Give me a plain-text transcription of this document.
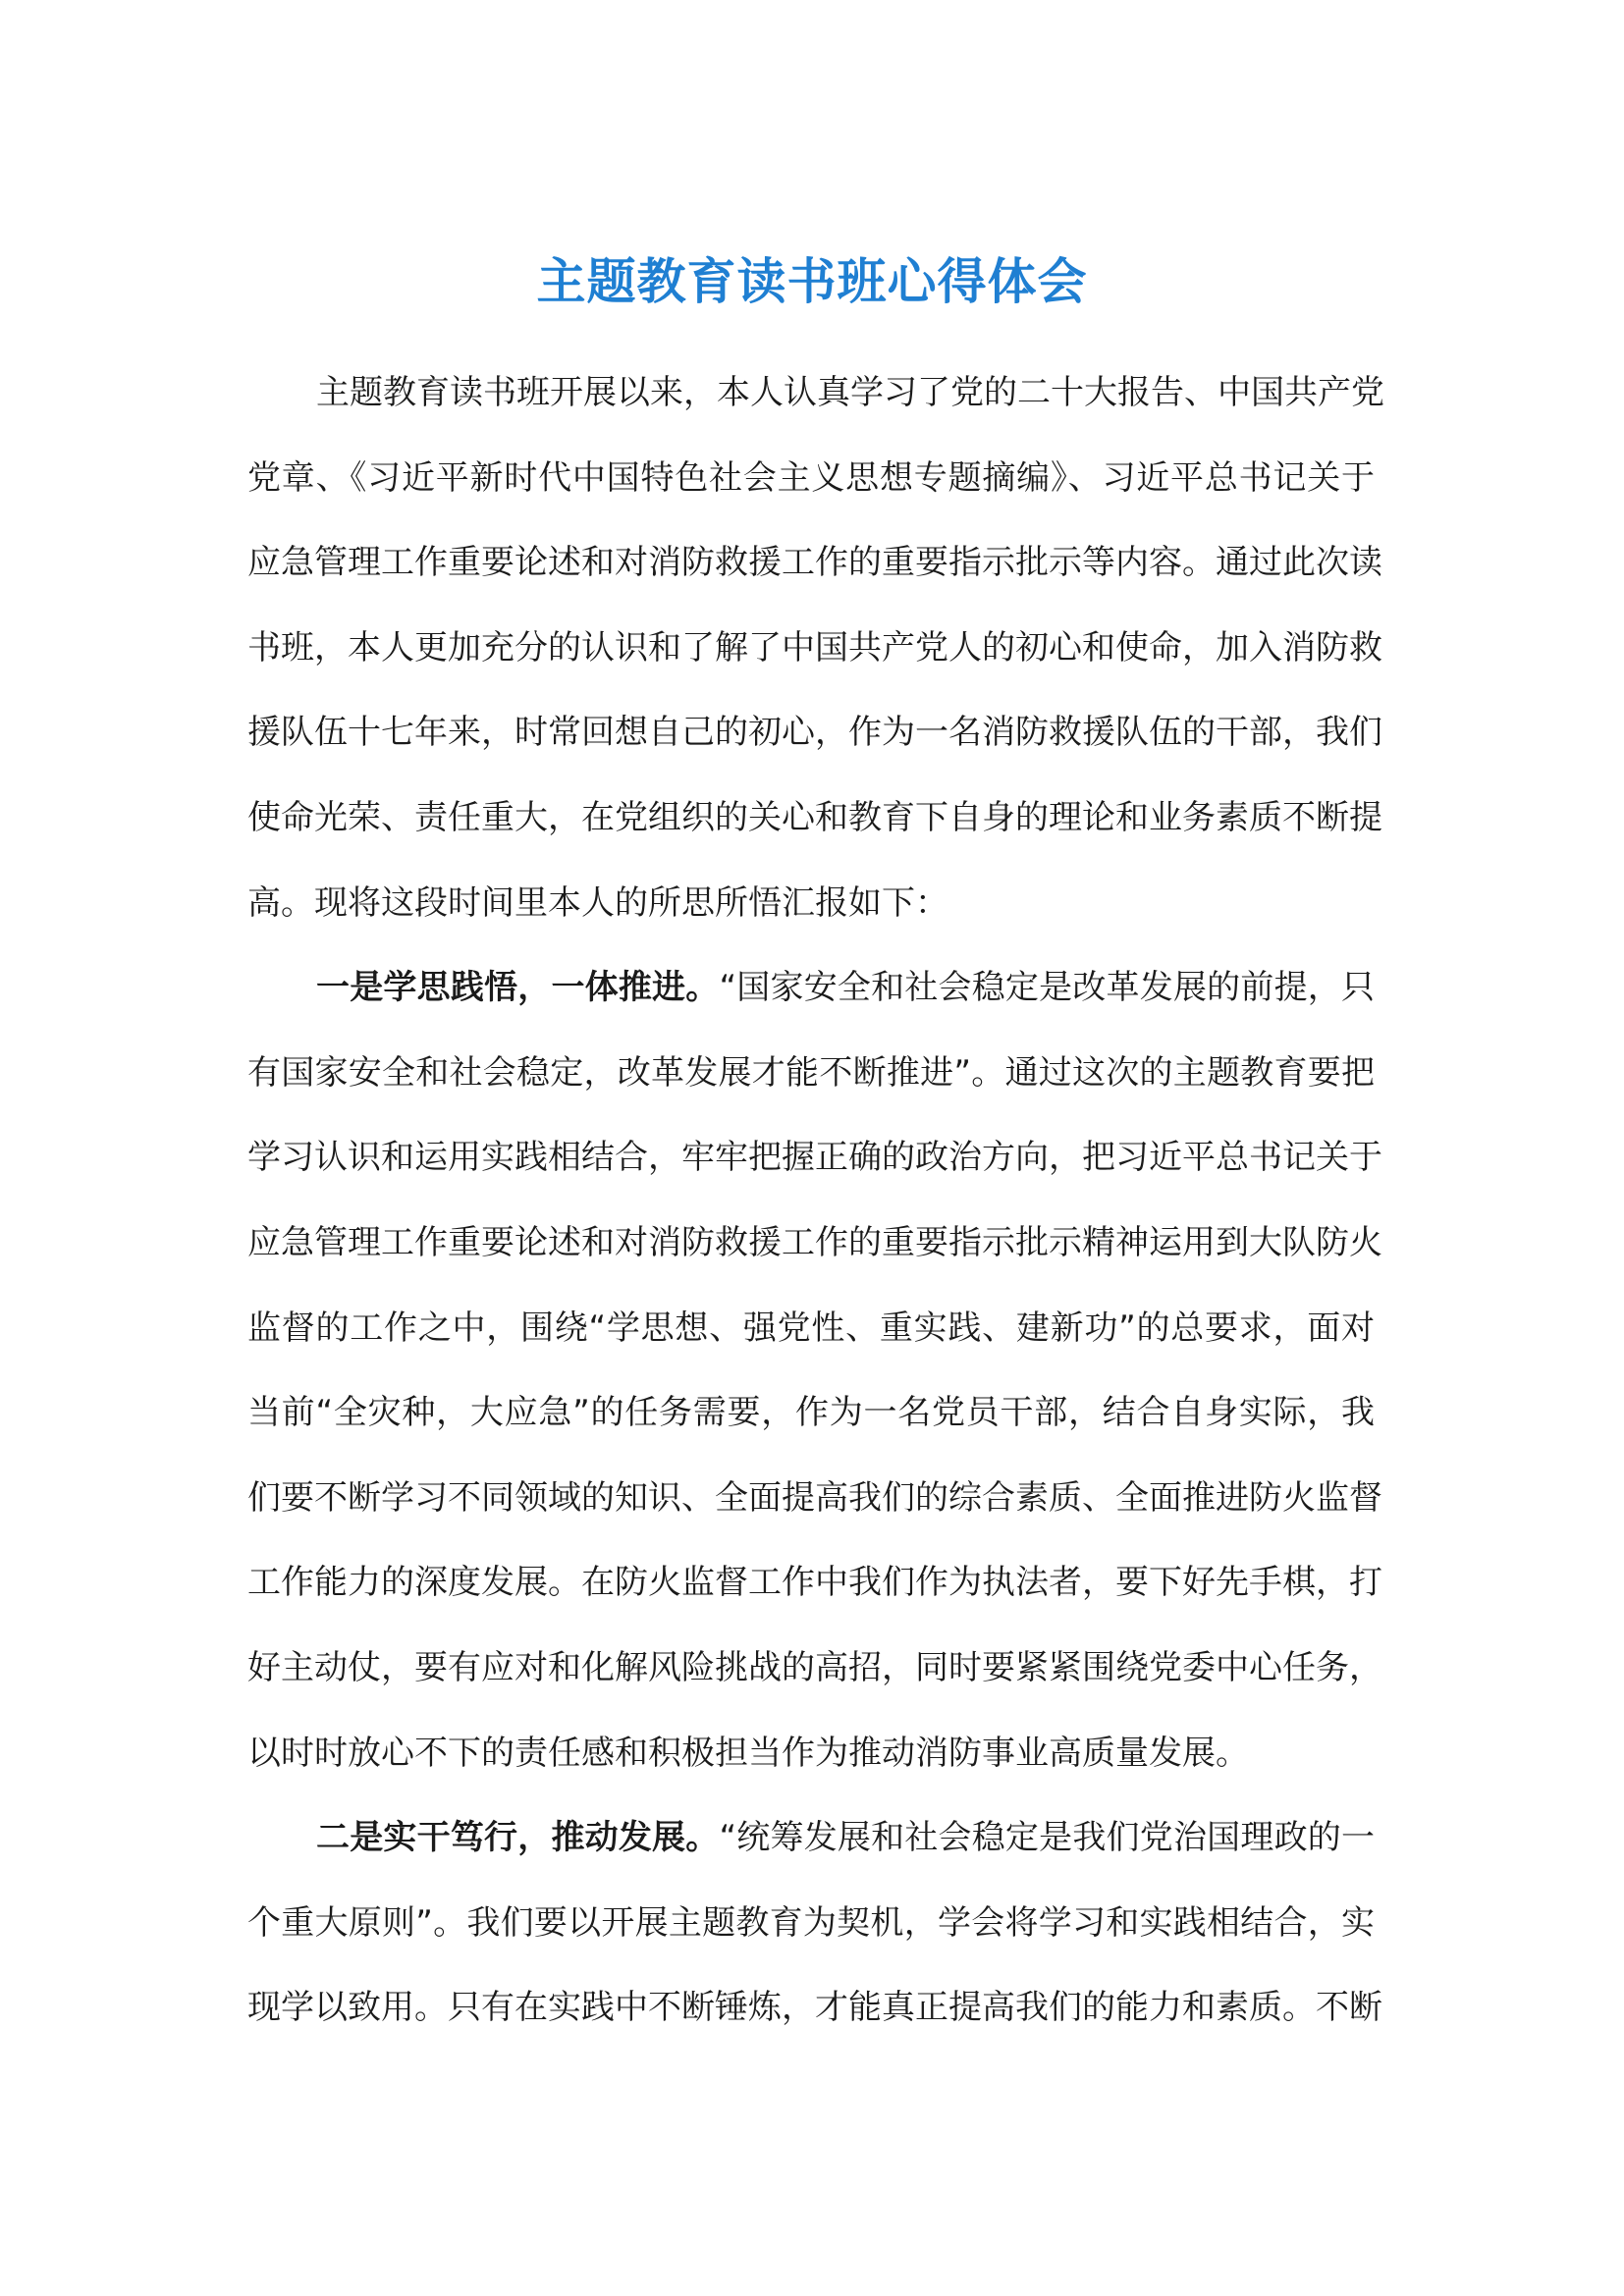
主题教育读书班心得体会
主题教育读书班开展以来，本人认真学习了党的二十大报告、中国共产党
党章、《习近平新时代中国特色社会主义思想专题摘编》、习近平总书记关于
应急管理工作重要论述和对消防救援工作的重要指示批示等内容。通过此次读
书班，本人更加充分的认识和了解了中国共产党人的初心和使命，加入消防救
援队伍十七年来，时常回想自己的初心，作为一名消防救援队伍的干部，我们
使命光荣、责任重大，在党组织的关心和教育下自身的理论和业务素质不断提
高。现将这段时间里本人的所思所悟汇报如下：
一是学思践悟，一体推进。“国家安全和社会稳定是改革发展的前提，只
有国家安全和社会稳定，改革发展才能不断推进”。通过这次的主题教育要把
学习认识和运用实践相结合，牢牢把握正确的政治方向，把习近平总书记关于
应急管理工作重要论述和对消防救援工作的重要指示批示精神运用到大队防火
监督的工作之中，围绕“学思想、强党性、重实践、建新功”的总要求，面对
当前“全灾种，大应急”的任务需要，作为一名党员干部，结合自身实际，我
们要不断学习不同领域的知识、全面提高我们的综合素质、全面推进防火监督
工作能力的深度发展。在防火监督工作中我们作为执法者，要下好先手棋，打
好主动仗，要有应对和化解风险挑战的高招，同时要紧紧围绕党委中心任务，
以时时放心不下的责任感和积极担当作为推动消防事业高质量发展。
二是实干笃行，推动发展。“统筹发展和社会稳定是我们党治国理政的一
个重大原则”。我们要以开展主题教育为契机，学会将学习和实践相结合，实
现学以致用。只有在实践中不断锤炼，才能真正提高我们的能力和素质。不断
